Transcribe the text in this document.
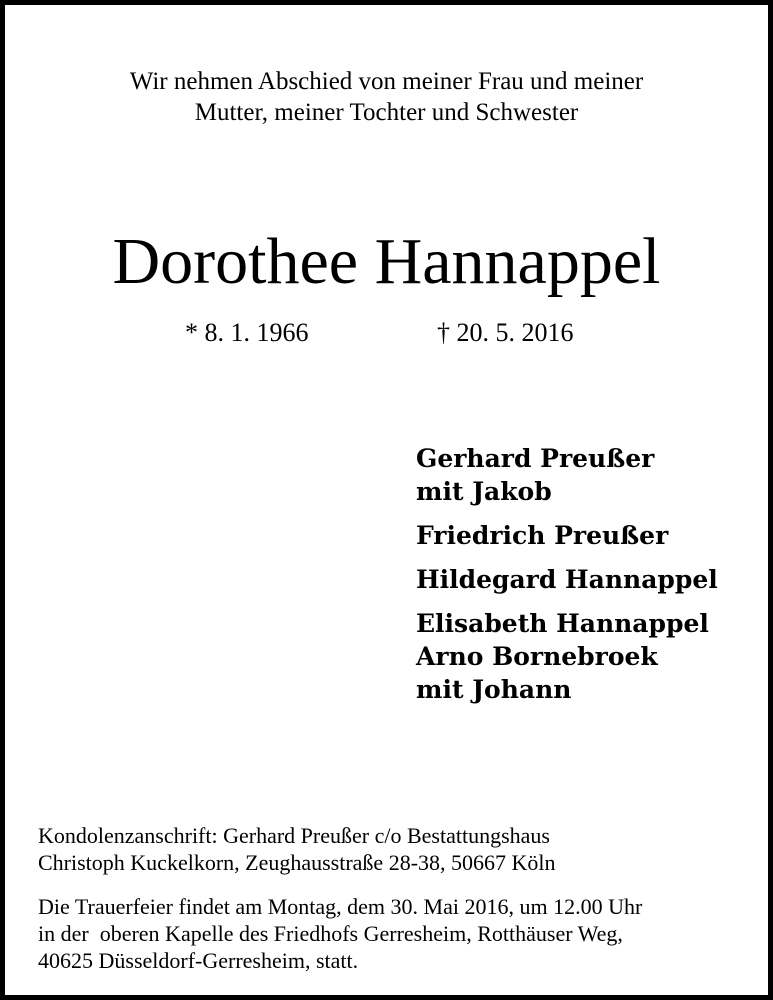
Wir nehmen Abschied von meiner Frau und meiner
Mutter, meiner Tochter und Schwester
Dorothee Hannappel
* 8. 1. 1966	† 20. 5. 2016
Gerhard Preußer
mit Jakob
Friedrich Preußer
Hildegard Hannappel
Elisabeth Hannappel
Arno Bornebroek
mit Johann
Kondolenzanschrift: Gerhard Preußer c/o Bestattungshaus
Christoph Kuckelkorn, Zeughausstraße 28-38, 50667 Köln
Die Trauerfeier findet am Montag, dem 30. Mai 2016, um 12.00 Uhr
in der  oberen Kapelle des Friedhofs Gerresheim, Rotthäuser Weg,
40625 Düsseldorf-Gerresheim, statt.
